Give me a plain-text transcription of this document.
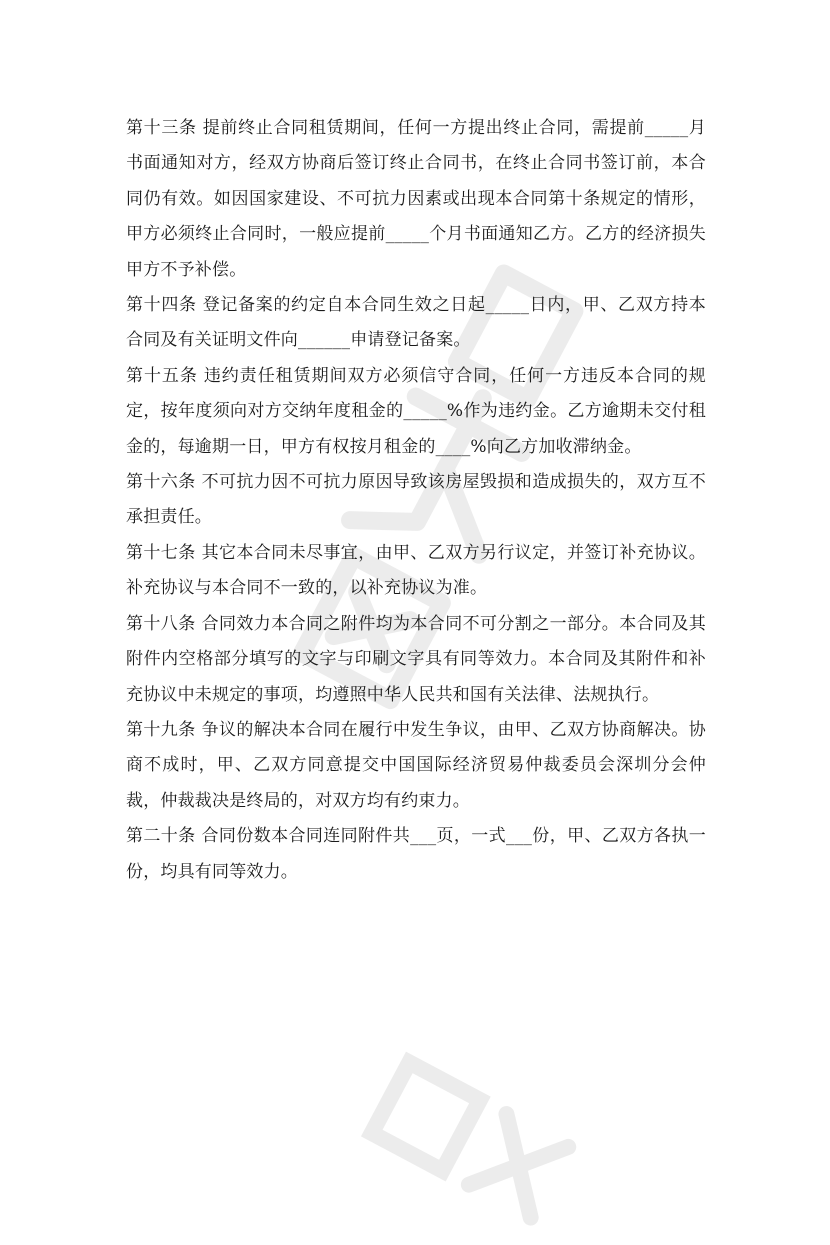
第十三条 提前终止合同租赁期间，任何一方提出终止合同，需提前_____月书面通知对方，经双方协商后签订终止合同书，在终止合同书签订前，本合同仍有效。如因国家建设、不可抗力因素或出现本合同第十条规定的情形，甲方必须终止合同时，一般应提前_____个月书面通知乙方。乙方的经济损失甲方不予补偿。

第十四条 登记备案的约定自本合同生效之日起_____日内，甲、乙双方持本合同及有关证明文件向______申请登记备案。

第十五条 违约责任租赁期间双方必须信守合同，任何一方违反本合同的规定，按年度须向对方交纳年度租金的_____%作为违约金。乙方逾期未交付租金的，每逾期一日，甲方有权按月租金的____%向乙方加收滞纳金。

第十六条 不可抗力因不可抗力原因导致该房屋毁损和造成损失的，双方互不承担责任。

第十七条 其它本合同未尽事宜，由甲、乙双方另行议定，并签订补充协议。补充协议与本合同不一致的，以补充协议为准。

第十八条 合同效力本合同之附件均为本合同不可分割之一部分。本合同及其附件内空格部分填写的文字与印刷文字具有同等效力。本合同及其附件和补充协议中未规定的事项，均遵照中华人民共和国有关法律、法规执行。

第十九条 争议的解决本合同在履行中发生争议，由甲、乙双方协商解决。协商不成时，甲、乙双方同意提交中国国际经济贸易仲裁委员会深圳分会仲裁，仲裁裁决是终局的，对双方均有约束力。

第二十条 合同份数本合同连同附件共___页，一式___份，甲、乙双方各执一份，均具有同等效力。
